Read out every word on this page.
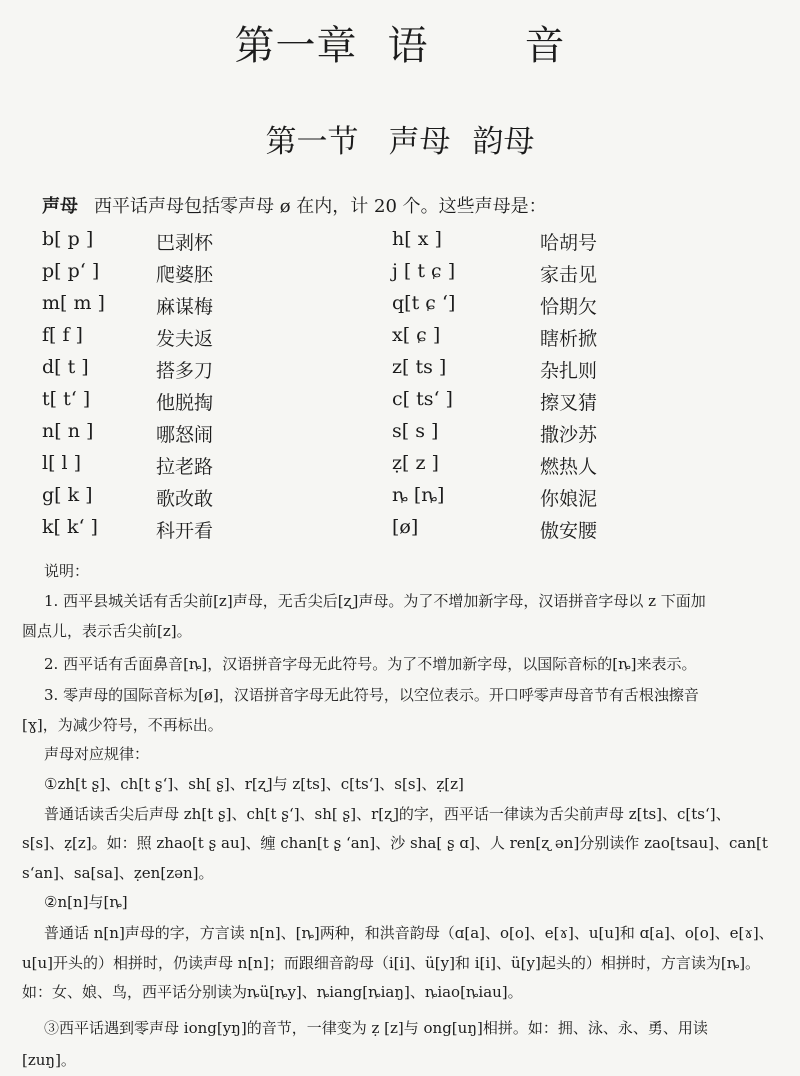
第一章 语 音
第一节 声母 韵母
声母 西平话声母包括零声母 ø 在内，计 20 个。这些声母是：
b[ p ]	巴剥杯	h[ x ]	哈胡号
p[ p‘ ]	爬婆胚	j [ t ɕ ]	家击见
m[ m ]	麻谋梅	q[t ɕ ‘]	恰期欠
f[ f ]	发夫返	x[ ɕ ]	瞎析掀
d[ t ]	搭多刀	z[ ts ]	杂扎则
t[ t‘ ]	他脱掏	c[ ts‘ ]	擦叉猜
n[ n ]	哪怒闹	s[ s ]	撒沙苏
l[ l ]	拉老路	ẓ[ z ]	燃热人
g[ k ]	歌改敢	ȵ [ȵ]	你娘泥
k[ k‘ ]	科开看	[ø]	傲安腰
说明：
1. 西平县城关话有舌尖前[z]声母，无舌尖后[ʐ]声母。为了不增加新字母，汉语拼音字母以 z 下面加
圆点儿，表示舌尖前[z]。
2. 西平话有舌面鼻音[ȵ]，汉语拼音字母无此符号。为了不增加新字母，以国际音标的[ȵ]来表示。
3. 零声母的国际音标为[ø]，汉语拼音字母无此符号，以空位表示。开口呼零声母音节有舌根浊擦音
[ɣ]，为减少符号，不再标出。
声母对应规律：
①zh[t ʂ]、ch[t ʂ‘]、sh[ ʂ]、r[ʐ]与 z[ts]、c[ts‘]、s[s]、ẓ[z]
普通话读舌尖后声母 zh[t ʂ]、ch[t ʂ‘]、sh[ ʂ]、r[ʐ]的字，西平话一律读为舌尖前声母 z[ts]、c[ts‘]、
s[s]、ẓ[z]。如：照 zhao[t ʂ au]、缠 chan[t ʂ ‘an]、沙 sha[ ʂ ɑ]、人 ren[ʐ ən]分别读作 zao[tsau]、can[t
s‘an]、sa[sa]、ẓen[zən]。
②n[n]与[ȵ]
普通话 n[n]声母的字，方言读 n[n]、[ȵ]两种，和洪音韵母（ɑ[a]、o[o]、e[ɤ]、u[u]和 ɑ[a]、o[o]、e[ɤ]、
u[u]开头的）相拼时，仍读声母 n[n]；而跟细音韵母（i[i]、ü[y]和 i[i]、ü[y]起头的）相拼时，方言读为[ȵ]。
如：女、娘、鸟，西平话分别读为ȵü[ȵy]、ȵiang[ȵiaŋ]、ȵiao[ȵiau]。
③西平话遇到零声母 iong[yŋ]的音节，一律变为 ẓ [z]与 ong[uŋ]相拼。如：拥、泳、永、勇、用读
[zuŋ]。
